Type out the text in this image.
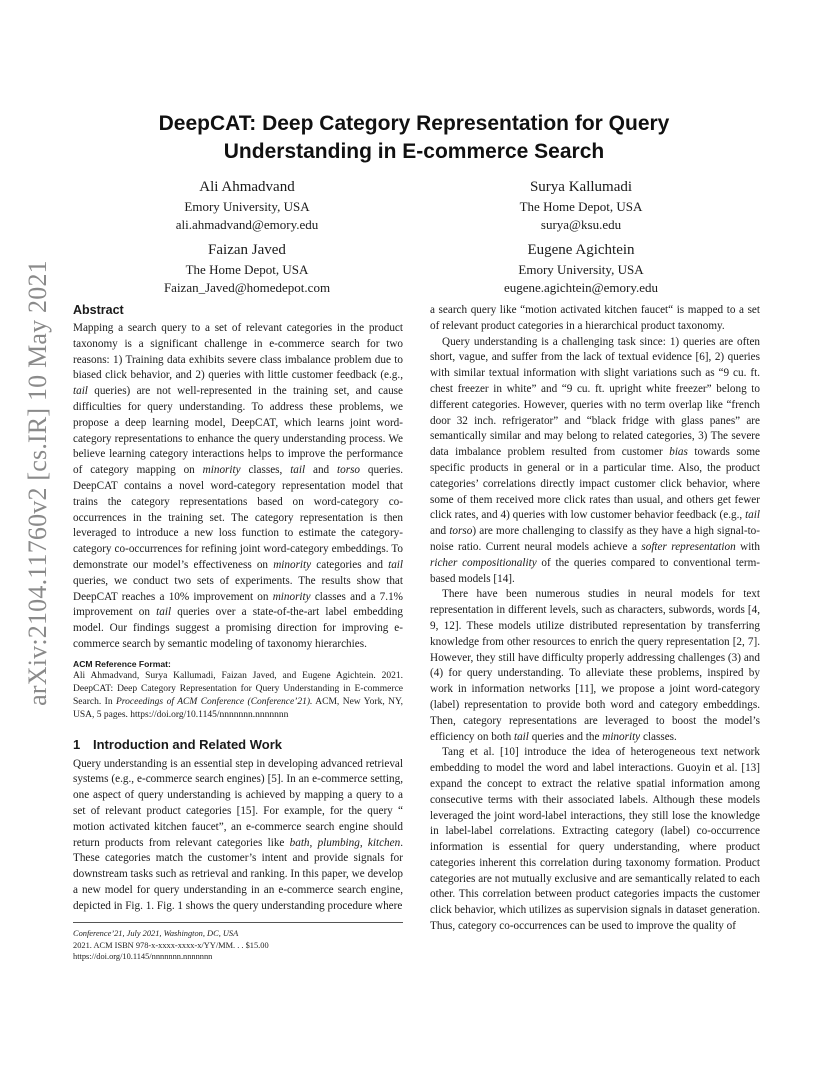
arXiv:2104.11760v2 [cs.IR] 10 May 2021
DeepCAT: Deep Category Representation for Query
Understanding in E-commerce Search
Ali Ahmadvand
Emory University, USA
ali.ahmadvand@emory.edu
Surya Kallumadi
The Home Depot, USA
surya@ksu.edu
Faizan Javed
The Home Depot, USA
Faizan_Javed@homedepot.com
Eugene Agichtein
Emory University, USA
eugene.agichtein@emory.edu
Abstract

Mapping a search query to a set of relevant categories in the product taxonomy is a significant challenge in e-commerce search for two reasons: 1) Training data exhibits severe class imbalance problem due to biased click behavior, and 2) queries with little customer feedback (e.g., tail queries) are not well-represented in the training set, and cause difficulties for query understanding. To address these problems, we propose a deep learning model, DeepCAT, which learns joint word-category representations to enhance the query understanding process. We believe learning category interactions helps to improve the performance of category mapping on minority classes, tail and torso queries. DeepCAT contains a novel word-category representation model that trains the category representations based on word-category co-occurrences in the training set. The category representation is then leveraged to introduce a new loss function to estimate the category-category co-occurrences for refining joint word-category embeddings. To demonstrate our model’s effectiveness on minority categories and tail queries, we conduct two sets of experiments. The results show that DeepCAT reaches a 10% improvement on minority classes and a 7.1% improvement on tail queries over a state-of-the-art label embedding model. Our findings suggest a promising direction for improving e-commerce search by semantic modeling of taxonomy hierarchies.

ACM Reference Format:
Ali Ahmadvand, Surya Kallumadi, Faizan Javed, and Eugene Agichtein. 2021. DeepCAT: Deep Category Representation for Query Understanding in E-commerce Search. In Proceedings of ACM Conference (Conference’21). ACM, New York, NY, USA, 5 pages. https://doi.org/10.1145/nnnnnnn.nnnnnnn
1 Introduction and Related Work

Query understanding is an essential step in developing advanced retrieval systems (e.g., e-commerce search engines) [5]. In an e-commerce setting, one aspect of query understanding is achieved by mapping a query to a set of relevant product categories [15]. For example, for the query “ motion activated kitchen faucet”, an e-commerce search engine should return products from relevant categories like bath, plumbing, kitchen. These categories match the customer’s intent and provide signals for downstream tasks such as retrieval and ranking. In this paper, we develop a new model for query understanding in an e-commerce search engine, depicted in Fig. 1. Fig. 1 shows the query understanding procedure where

a search query like “motion activated kitchen faucet“ is mapped to a set of relevant product categories in a hierarchical product taxonomy.

Query understanding is a challenging task since: 1) queries are often short, vague, and suffer from the lack of textual evidence [6], 2) queries with similar textual information with slight variations such as “9 cu. ft. chest freezer in white” and “9 cu. ft. upright white freezer” belong to different categories. However, queries with no term overlap like “french door 32 inch. refrigerator” and “black fridge with glass panes” are semantically similar and may belong to related categories, 3) The severe data imbalance problem resulted from customer bias towards some specific products in general or in a particular time. Also, the product categories’ correlations directly impact customer click behavior, where some of them received more click rates than usual, and others get fewer click rates, and 4) queries with low customer behavior feedback (e.g., tail and torso) are more challenging to classify as they have a high signal-to-noise ratio. Current neural models achieve a softer representation with richer compositionality of the queries compared to conventional term-based models [14].

There have been numerous studies in neural models for text representation in different levels, such as characters, subwords, words [4, 9, 12]. These models utilize distributed representation by transferring knowledge from other resources to enrich the query representation [2, 7]. However, they still have difficulty properly addressing challenges (3) and (4) for query understanding. To alleviate these problems, inspired by work in information networks [11], we propose a joint word-category (label) representation to provide both word and category embeddings. Then, category representations are leveraged to boost the model’s efficiency on both tail queries and the minority classes.

Tang et al. [10] introduce the idea of heterogeneous text network embedding to model the word and label interactions. Guoyin et al. [13] expand the concept to extract the relative spatial information among consecutive terms with their associated labels. Although these models leveraged the joint word-label interactions, they still lose the knowledge in label-label correlations. Extracting category (label) co-occurrence information is essential for query understanding, where product categories inherent this correlation during taxonomy formation. Product categories are not mutually exclusive and are semantically related to each other. This correlation between product categories impacts the customer click behavior, which utilizes as supervision signals in dataset generation. Thus, category co-occurrences can be used to improve the quality of

Conference’21, July 2021, Washington, DC, USA
2021. ACM ISBN 978-x-xxxx-xxxx-x/YY/MM. . . $15.00
https://doi.org/10.1145/nnnnnnn.nnnnnnn
